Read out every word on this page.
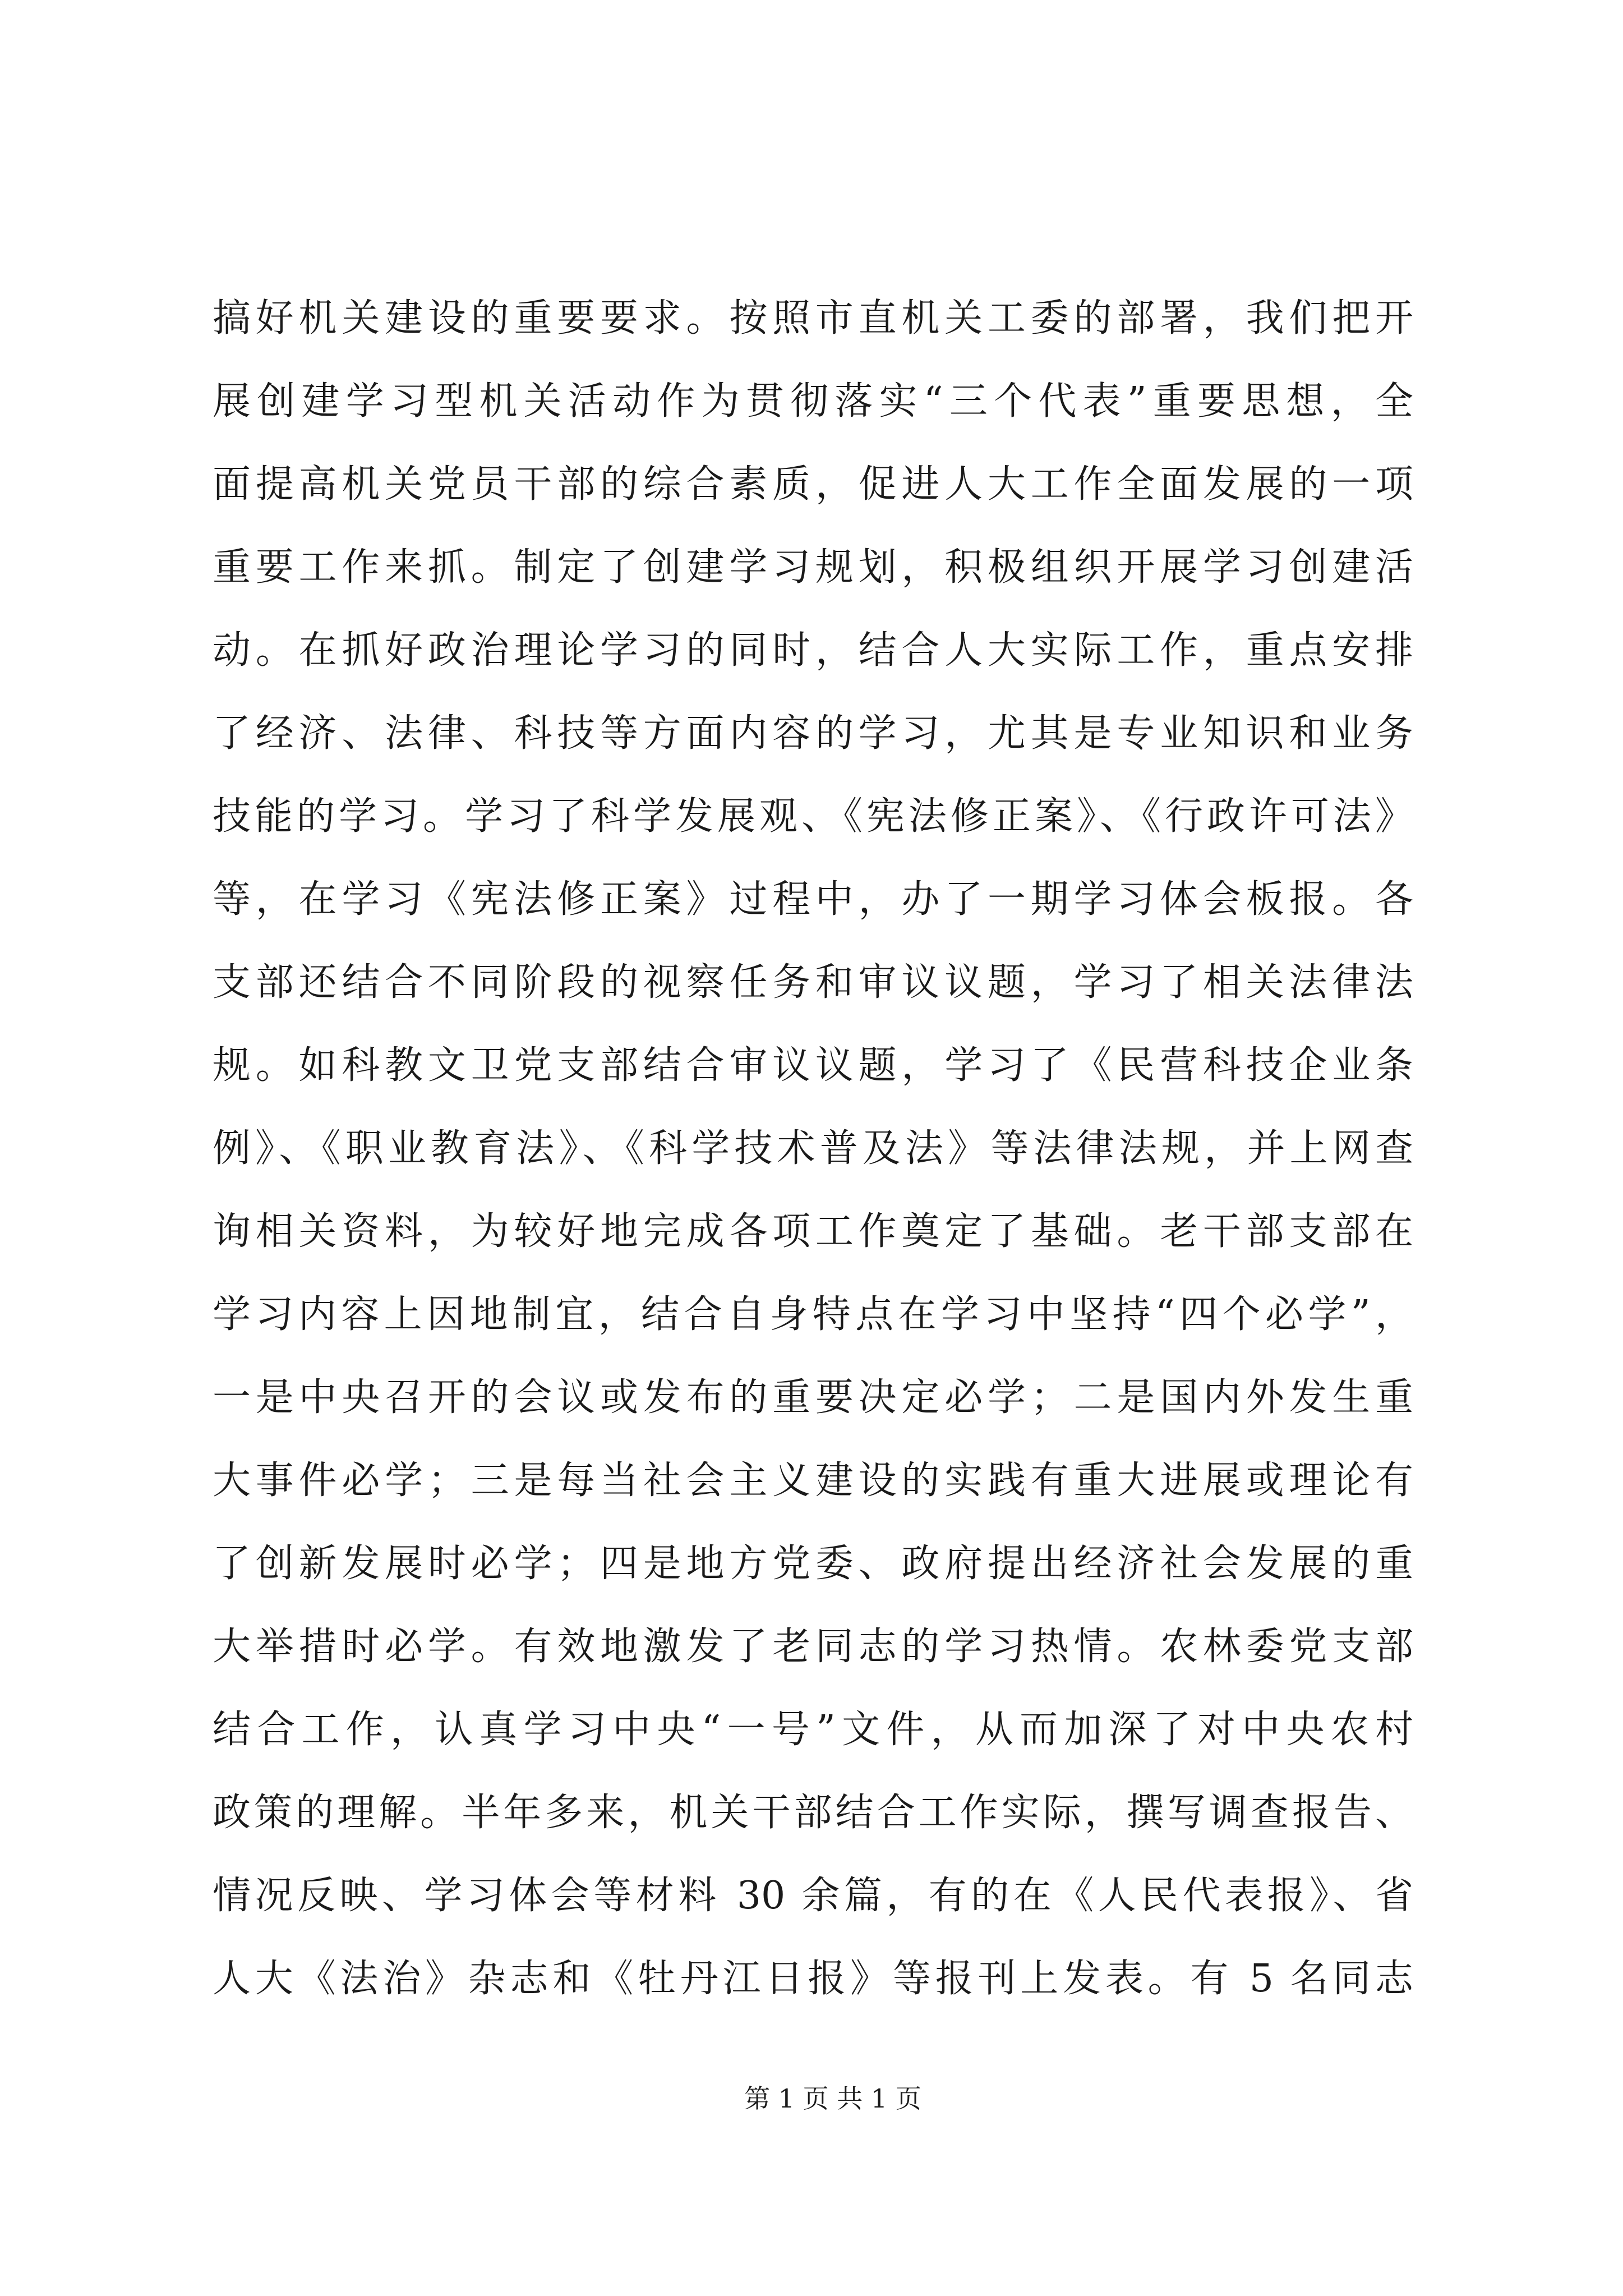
搞好机关建设的重要要求。按照市直机关工委的部署，我们把开
展创建学习型机关活动作为贯彻落实“三个代表”重要思想，全
面提高机关党员干部的综合素质，促进人大工作全面发展的一项
重要工作来抓。制定了创建学习规划，积极组织开展学习创建活
动。在抓好政治理论学习的同时，结合人大实际工作，重点安排
了经济、法律、科技等方面内容的学习，尤其是专业知识和业务
技能的学习。学习了科学发展观、《宪法修正案》、《行政许可法》
等，在学习《宪法修正案》过程中，办了一期学习体会板报。各
支部还结合不同阶段的视察任务和审议议题，学习了相关法律法
规。如科教文卫党支部结合审议议题，学习了《民营科技企业条
例》、《职业教育法》、《科学技术普及法》等法律法规，并上网查
询相关资料，为较好地完成各项工作奠定了基础。老干部支部在
学习内容上因地制宜，结合自身特点在学习中坚持“四个必学”，
一是中央召开的会议或发布的重要决定必学；二是国内外发生重
大事件必学；三是每当社会主义建设的实践有重大进展或理论有
了创新发展时必学；四是地方党委、政府提出经济社会发展的重
大举措时必学。有效地激发了老同志的学习热情。农林委党支部
结合工作，认真学习中央“一号”文件，从而加深了对中央农村
政策的理解。半年多来，机关干部结合工作实际，撰写调查报告、
情况反映、学习体会等材料 30 余篇，有的在《人民代表报》、省
人大《法治》杂志和《牡丹江日报》等报刊上发表。有 5 名同志
第 1 页 共 1 页
